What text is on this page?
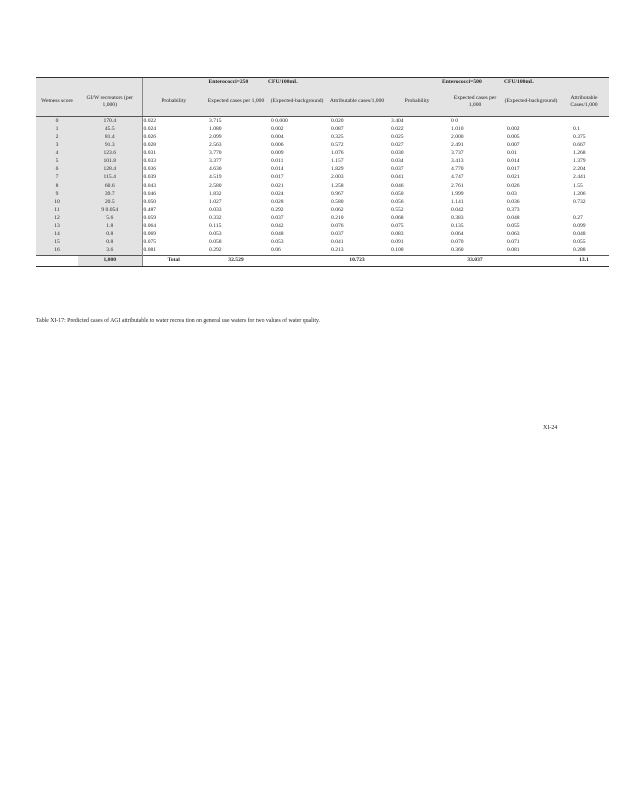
		Enterococci=250		CFU/100mL		Enterococci=500		CFU/100mL	
Wetness score	GI/W recreators (per 1,000)	Probability	Expected cases per 1,000	(Expected-background)	Attributable cases/1,000	Probability	Expected cases per 1,000	(Expected-background)	Attributable Cases/1,000
0	170.4	0.022	3.715	0 0.000	0.020	3.404	0 0		
1	45.5	0.024	1.080	0.002	0.087	0.022	1.010	0.002	0.1
2	81.4	0.026	2.099	0.004	0.325	0.025	2.000	0.005	0.375
3	91.3	0.028	2.563	0.006	0.572	0.027	2.491	0.007	0.667
4	123.6	0.031	3.770	0.009	1.076	0.030	3.737	0.01	1.268
5	101.8	0.033	3.377	0.011	1.157	0.034	3.413	0.014	1.379
6	128.4	0.036	4.630	0.014	1.829	0.037	4.770	0.017	2.204
7	115.4	0.039	4.519	0.017	2.003	0.041	4.747	0.021	2.441
8	60.6	0.043	2.580	0.021	1.258	0.046	2.761	0.026	1.55
9	39.7	0.046	1.832	0.024	0.967	0.050	1.999	0.03	1.206
10	20.5	0.050	1.027	0.028	0.580	0.056	1.141	0.036	0.732
11	9 0.054	0.487	0.033	0.292	0.062	0.552	0.042	0.373	
12	5.6	0.059	0.332	0.037	0.210	0.068	0.383	0.048	0.27
13	1.8	0.064	0.115	0.042	0.076	0.075	0.135	0.055	0.099
14	0.8	0.069	0.053	0.048	0.037	0.083	0.064	0.063	0.048
15	0.8	0.075	0.058	0.053	0.041	0.091	0.070	0.071	0.055
16	3.6	0.081	0.292	0.06	0.213	0.100	0.360	0.081	0.288
	1,000	Total	32.529		10.723		33.037		13.1
Table XI-17: Predicted cases of AGI attributable to water recrea tion on general use waters for two values of water quality.
XI-24
